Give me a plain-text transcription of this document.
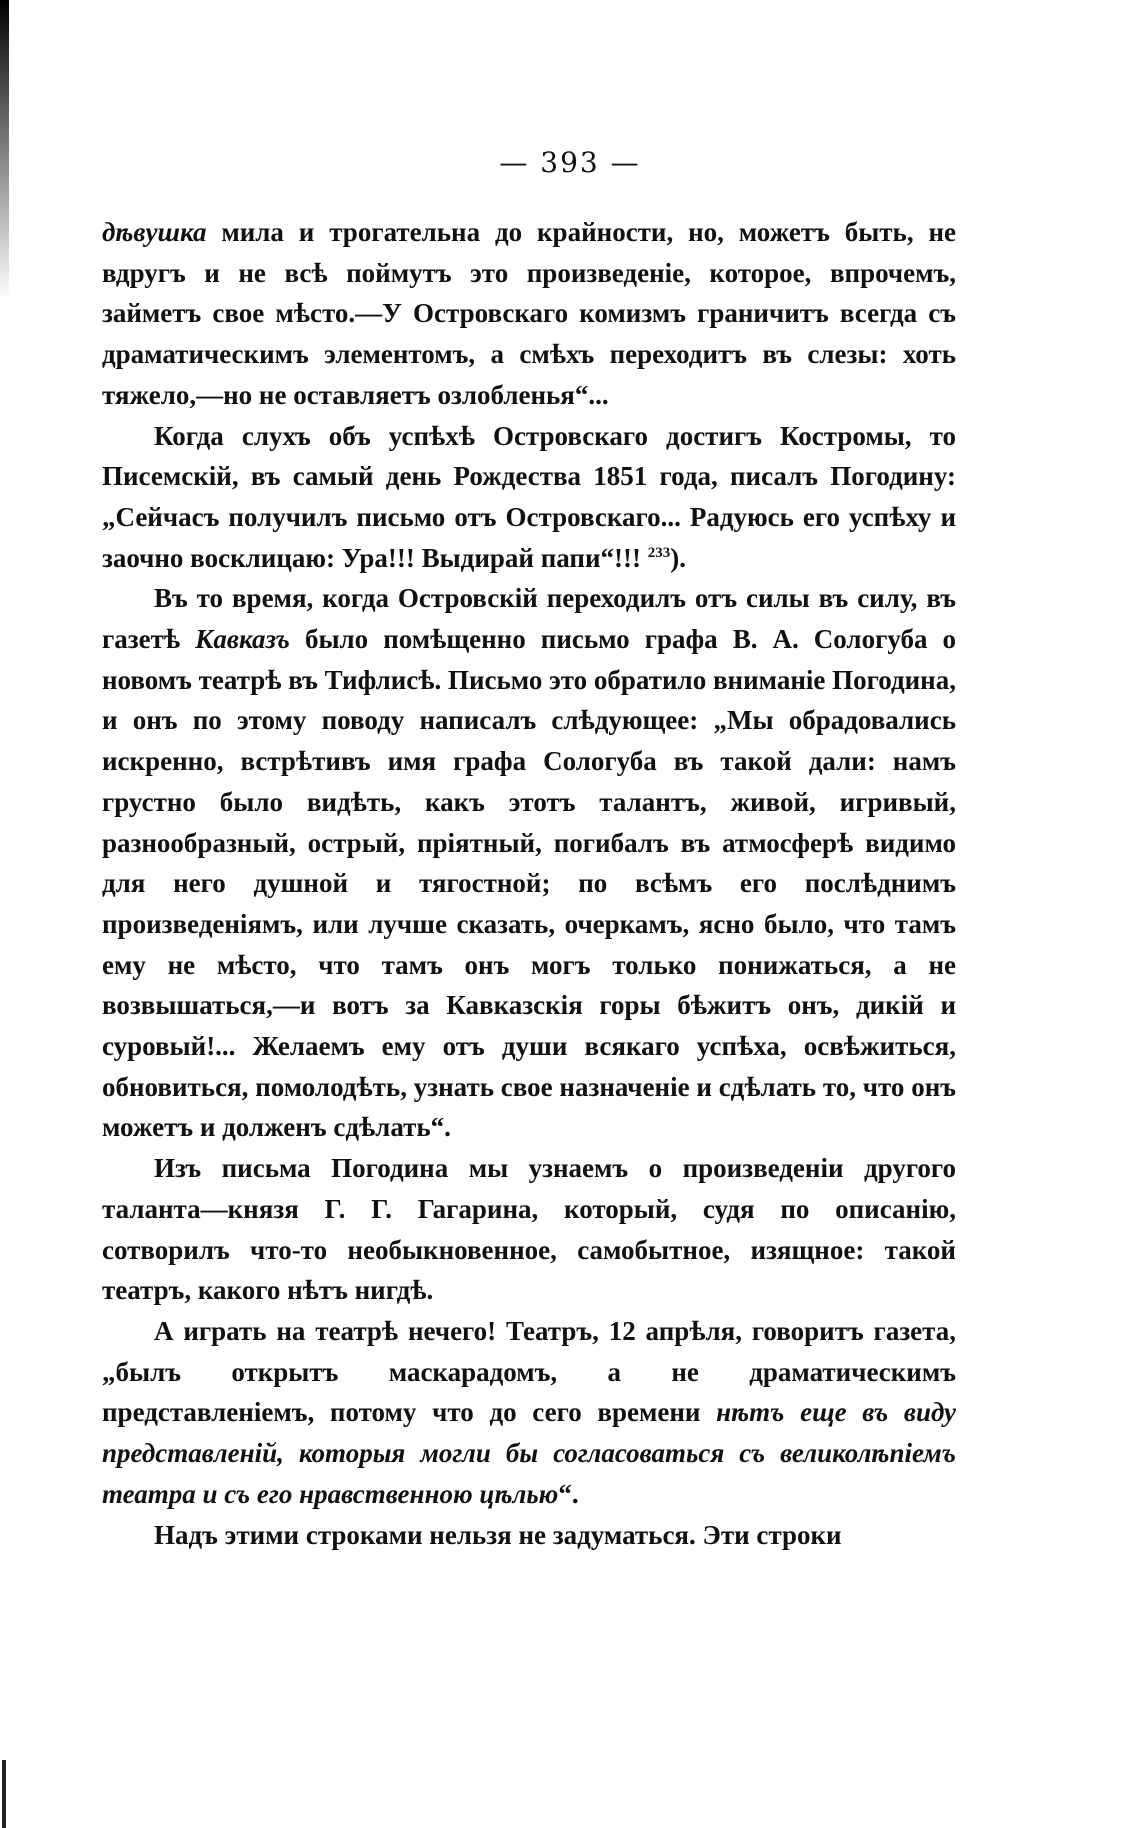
— 393 —

дѣвушка мила и трогательна до крайности, но, можетъ быть, не вдругъ и не всѣ поймутъ это произведеніе, которое, впрочемъ, займетъ свое мѣсто.—У Островскаго комизмъ граничитъ всегда съ драматическимъ элементомъ, а смѣхъ переходитъ въ слезы: хоть тяжело,—но не оставляетъ озлобленья“...

Когда слухъ объ успѣхѣ Островскаго достигъ Костромы, то Писемскій, въ самый день Рождества 1851 года, писалъ Погодину: „Сейчасъ получилъ письмо отъ Островскаго... Радуюсь его успѣху и заочно восклицаю: Ура!!! Выдирай папи“!!! $^{233}$).

Въ то время, когда Островскій переходилъ отъ силы въ силу, въ газетѣ Кавказъ было помѣщенно письмо графа В. А. Сологуба о новомъ театрѣ въ Тифлисѣ. Письмо это обратило вниманіе Погодина, и онъ по этому поводу написалъ слѣдующее: „Мы обрадовались искренно, встрѣтивъ имя графа Сологуба въ такой дали: намъ грустно было видѣть, какъ этотъ талантъ, живой, игривый, разнообразный, острый, пріятный, погибалъ въ атмосферѣ видимо для него душной и тягостной; по всѣмъ его послѣднимъ произведеніямъ, или лучше сказать, очеркамъ, ясно было, что тамъ ему не мѣсто, что тамъ онъ могъ только понижаться, а не возвышаться,—и вотъ за Кавказскія горы бѣжитъ онъ, дикій и суровый!... Желаемъ ему отъ души всякаго успѣха, освѣжиться, обновиться, помолодѣть, узнать свое назначеніе и сдѣлать то, что онъ можетъ и долженъ сдѣлать“.

Изъ письма Погодина мы узнаемъ о произведеніи другого таланта—князя Г. Г. Гагарина, который, судя по описанію, сотворилъ что-то необыкновенное, самобытное, изящное: такой театръ, какого нѣтъ нигдѣ.

А играть на театрѣ нечего! Театръ, 12 апрѣля, говоритъ газета, „былъ открытъ маскарадомъ, а не драматическимъ представленіемъ, потому что до сего времени нѣтъ еще въ виду представленій, которыя могли бы согласоваться съ великолѣпіемъ театра и съ его нравственною цѣлью“.

Надъ этими строками нельзя не задуматься. Эти строки
